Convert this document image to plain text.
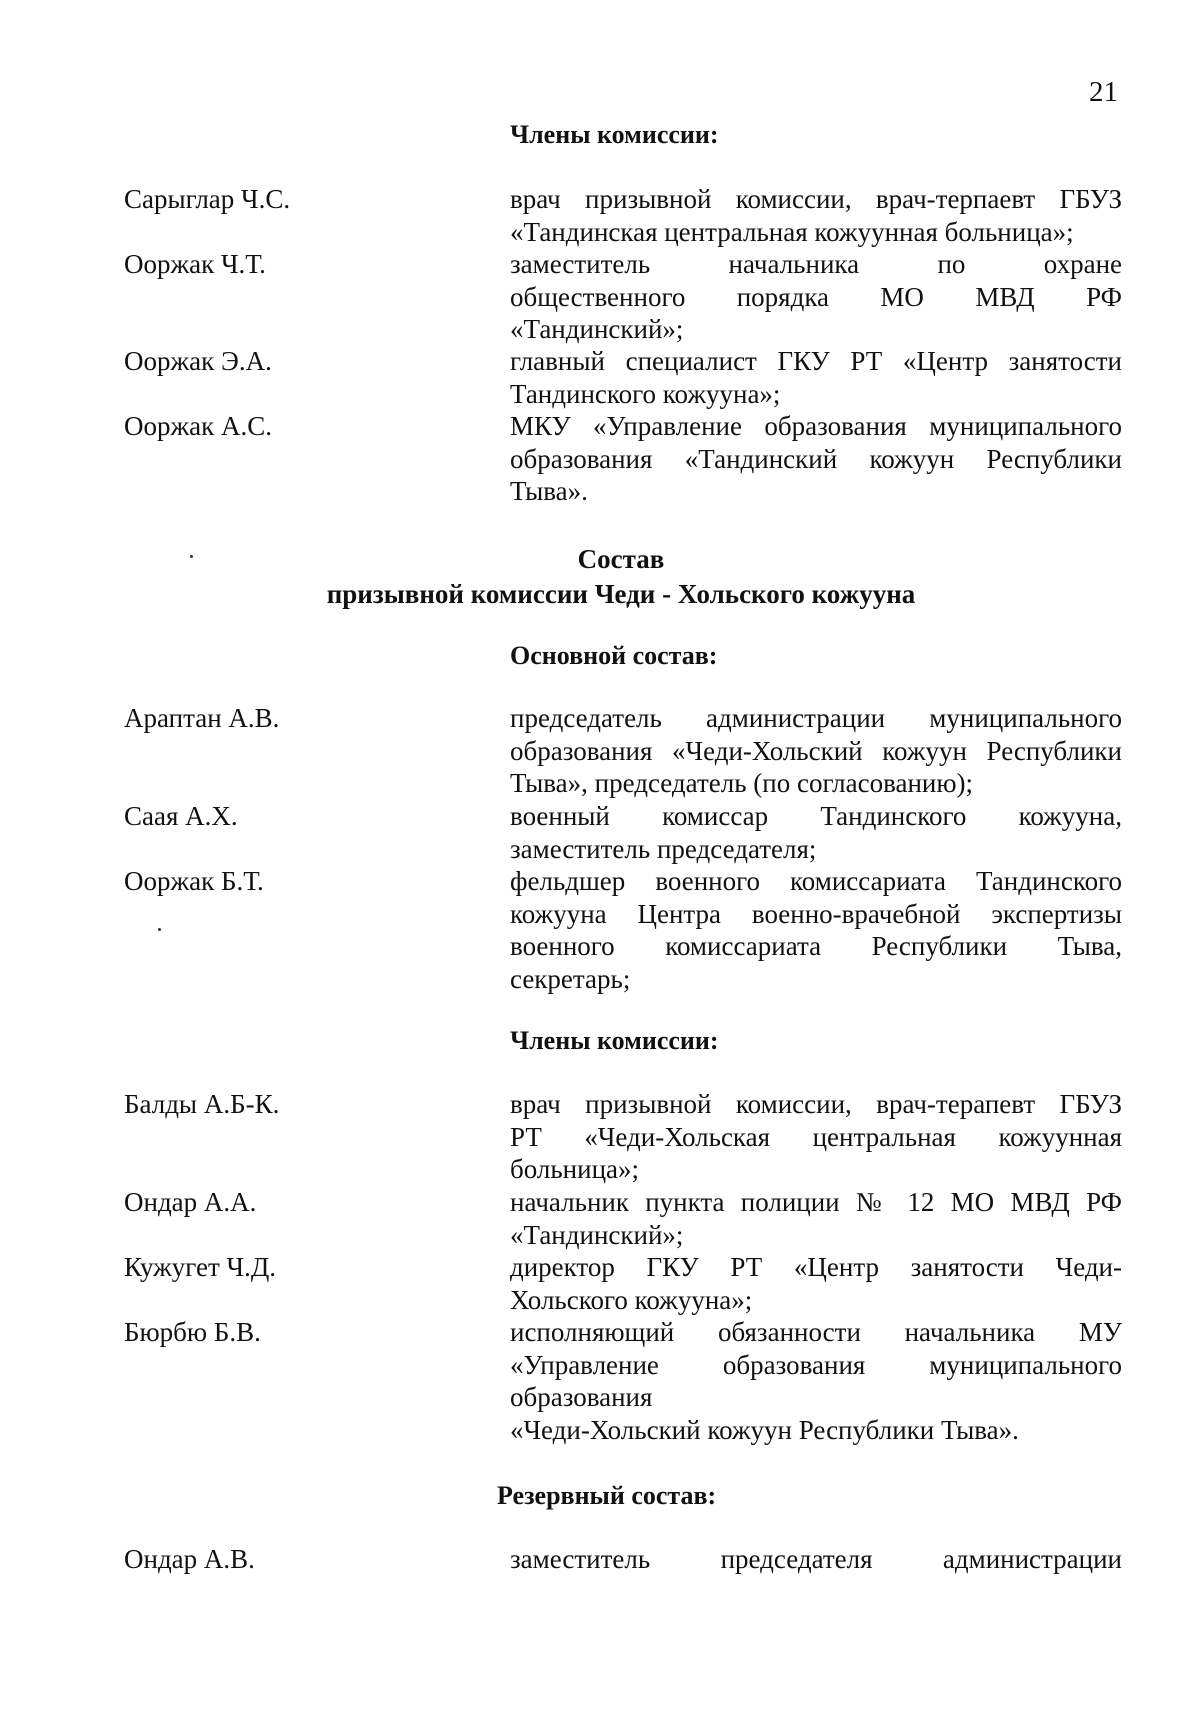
21
Члены комиссии:
Сарыглар Ч.С.	врач призывной комиссии, врач-терпаевт ГБУЗ
«Тандинская центральная кожуунная больница»;
Ооржак Ч.Т.	заместитель начальника по охране
общественного порядка МО МВД РФ
«Тандинский»;
Ооржак Э.А.	главный специалист ГКУ РТ «Центр занятости
Тандинского кожууна»;
Ооржак А.С.	МКУ «Управление образования муниципального
образования «Тандинский кожуун Республики
Тыва».
Состав
призывной комиссии Чеди - Хольского кожууна
Основной состав:
Араптан А.В.	председатель администрации муниципального
образования «Чеди-Хольский кожуун Республики
Тыва», председатель (по согласованию);
Саая А.Х.	военный комиссар Тандинского кожууна,
заместитель председателя;
Ооржак Б.Т.	фельдшер военного комиссариата Тандинского
кожууна Центра военно-врачебной экспертизы
военного комиссариата Республики Тыва,
секретарь;
Члены комиссии:
Балды А.Б-К.	врач призывной комиссии, врач-терапевт ГБУЗ
РТ «Чеди-Хольская центральная кожуунная
больница»;
Ондар А.А.	начальник пункта полиции № 12 МО МВД РФ
«Тандинский»;
Кужугет Ч.Д.	директор ГКУ РТ «Центр занятости Чеди-
Хольского кожууна»;
Бюрбю Б.В.	исполняющий обязанности начальника МУ
«Управление образования муниципального
образования
«Чеди-Хольский кожуун Республики Тыва».
Резервный состав:
Ондар А.В.	заместитель председателя администрации
